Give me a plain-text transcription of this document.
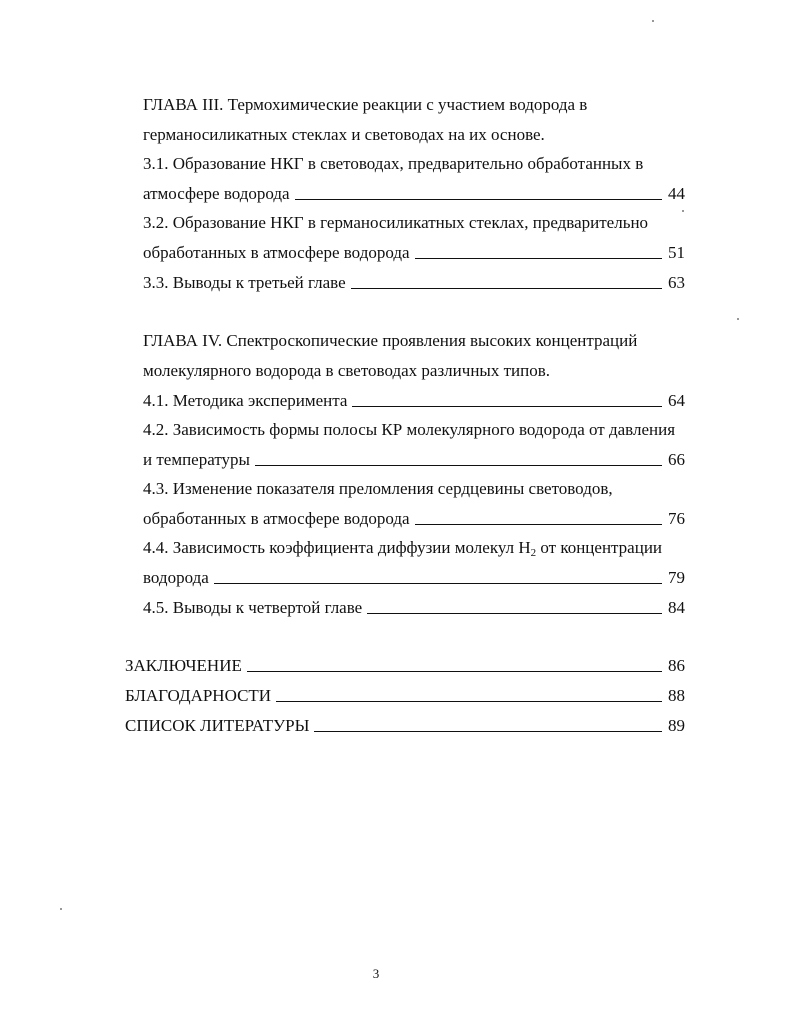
ГЛАВА III. Термохимические реакции с участием водорода в
германосиликатных стеклах и световодах на их основе.
3.1. Образование НКГ в световодах, предварительно обработанных в
атмосфере водорода	44
3.2. Образование НКГ в германосиликатных стеклах, предварительно
обработанных в атмосфере водорода	51
3.3. Выводы к третьей главе	63
ГЛАВА IV. Спектроскопические проявления высоких концентраций
молекулярного водорода в световодах различных типов.
4.1. Методика эксперимента	64
4.2. Зависимость формы полосы КР молекулярного водорода от давления
и температуры	66
4.3. Изменение показателя преломления сердцевины световодов,
обработанных в атмосфере водорода	76
4.4. Зависимость коэффициента диффузии молекул $H_2$ от концентрации
водорода	79
4.5. Выводы к четвертой главе	84
ЗАКЛЮЧЕНИЕ	86
БЛАГОДАРНОСТИ	88
СПИСОК ЛИТЕРАТУРЫ	89
3
